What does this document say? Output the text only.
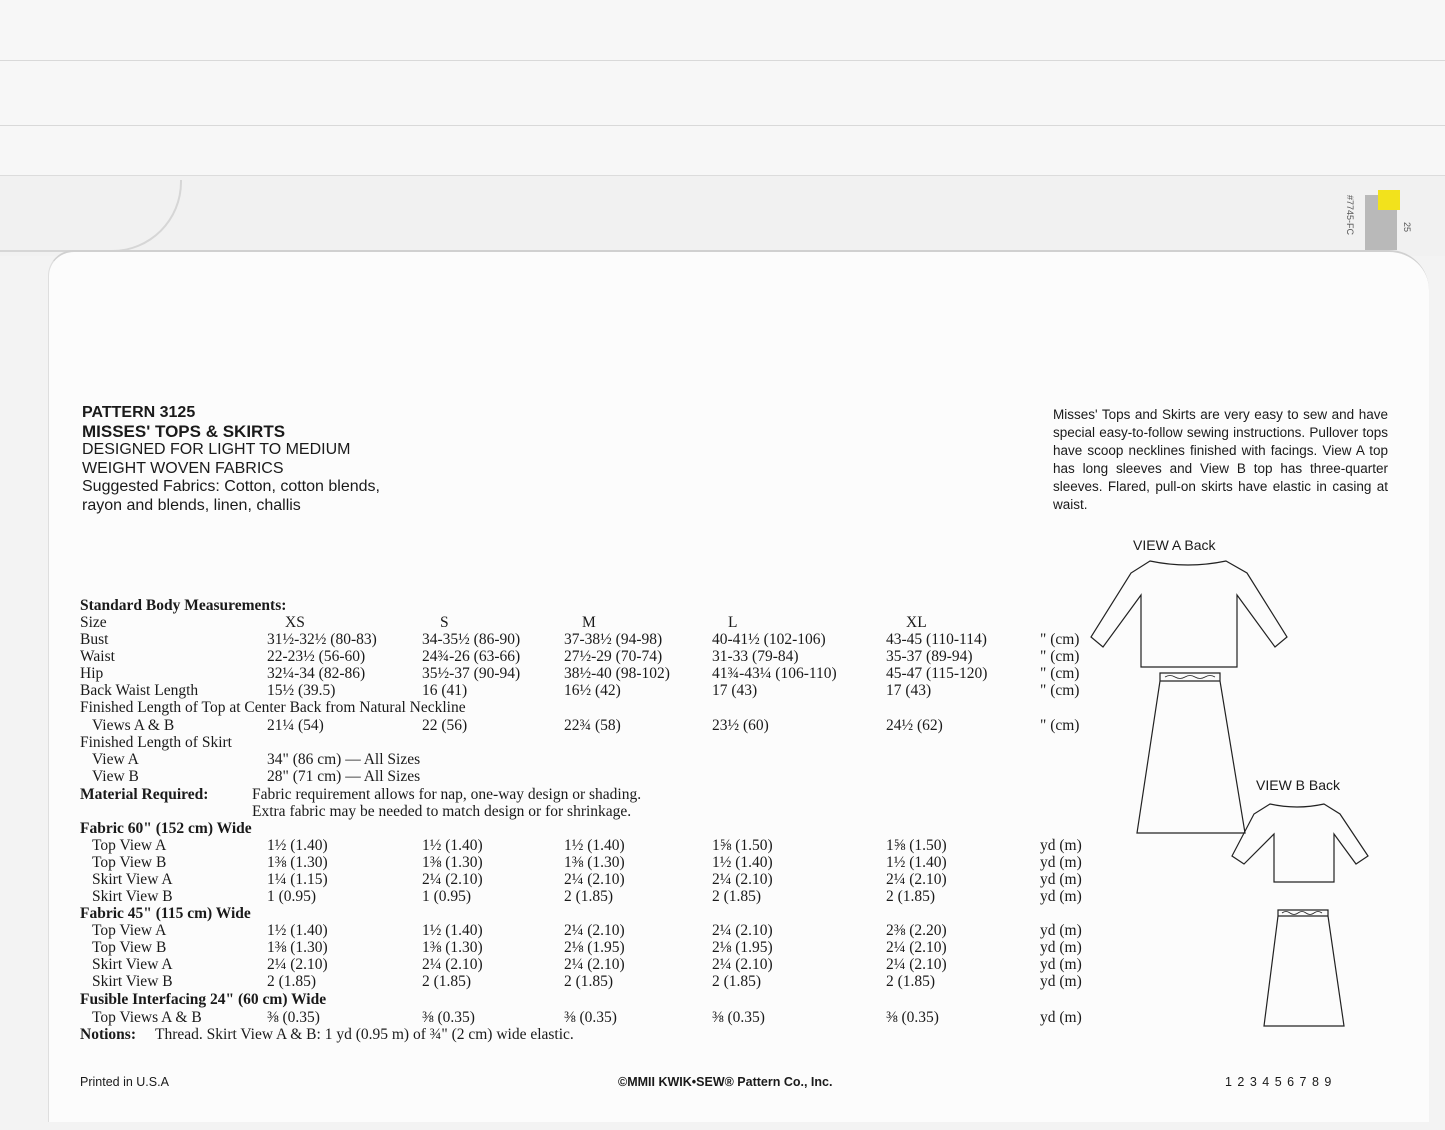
#7745-FC	25
PATTERN 3125
MISSES' TOPS & SKIRTS
DESIGNED FOR LIGHT TO MEDIUM
WEIGHT WOVEN FABRICS
Suggested Fabrics: Cotton, cotton blends,
rayon and blends, linen, challis
Misses' Tops and Skirts are very easy to sew and have special easy-to-follow sewing instructions. Pullover tops have scoop necklines finished with facings. View A top has long sleeves and View B top has three-quarter sleeves. Flared, pull-on skirts have elastic in casing at waist.
VIEW A Back
VIEW B Back
Standard Body Measurements:
Size	XS	S	M	L	XL
Bust	31½-32½ (80-83)	34-35½ (86-90)	37-38½ (94-98)	40-41½ (102-106)	43-45 (110-114)	" (cm)
Waist	22-23½ (56-60)	24¾-26 (63-66)	27½-29 (70-74)	31-33 (79-84)	35-37 (89-94)	" (cm)
Hip	32¼-34 (82-86)	35½-37 (90-94)	38½-40 (98-102)	41¾-43¼ (106-110)	45-47 (115-120)	" (cm)
Back Waist Length	15½ (39.5)	16 (41)	16½ (42)	17 (43)	17 (43)	" (cm)
Finished Length of Top at Center Back from Natural Neckline
Views A & B	21¼ (54)	22 (56)	22¾ (58)	23½ (60)	24½ (62)	" (cm)
Finished Length of Skirt
View A	34" (86 cm) — All Sizes
View B	28" (71 cm) — All Sizes
Material Required:	Fabric requirement allows for nap, one-way design or shading.
Extra fabric may be needed to match design or for shrinkage.
Fabric 60" (152 cm) Wide
Top View A	1½ (1.40)	1½ (1.40)	1½ (1.40)	1⅝ (1.50)	1⅝ (1.50)	yd (m)
Top View B	1⅜ (1.30)	1⅜ (1.30)	1⅜ (1.30)	1½ (1.40)	1½ (1.40)	yd (m)
Skirt View A	1¼ (1.15)	2¼ (2.10)	2¼ (2.10)	2¼ (2.10)	2¼ (2.10)	yd (m)
Skirt View B	1 (0.95)	1 (0.95)	2 (1.85)	2 (1.85)	2 (1.85)	yd (m)
Fabric 45" (115 cm) Wide
Top View A	1½ (1.40)	1½ (1.40)	2¼ (2.10)	2¼ (2.10)	2⅜ (2.20)	yd (m)
Top View B	1⅜ (1.30)	1⅜ (1.30)	2⅛ (1.95)	2⅛ (1.95)	2¼ (2.10)	yd (m)
Skirt View A	2¼ (2.10)	2¼ (2.10)	2¼ (2.10)	2¼ (2.10)	2¼ (2.10)	yd (m)
Skirt View B	2 (1.85)	2 (1.85)	2 (1.85)	2 (1.85)	2 (1.85)	yd (m)
Fusible Interfacing 24" (60 cm) Wide
Top Views A & B	⅜ (0.35)	⅜ (0.35)	⅜ (0.35)	⅜ (0.35)	⅜ (0.35)	yd (m)
Notions: Thread. Skirt View A & B: 1 yd (0.95 m) of ¾" (2 cm) wide elastic.
Printed in U.S.A	©MMII KWIK•SEW® Pattern Co., Inc.	1 2 3 4 5 6 7 8 9
